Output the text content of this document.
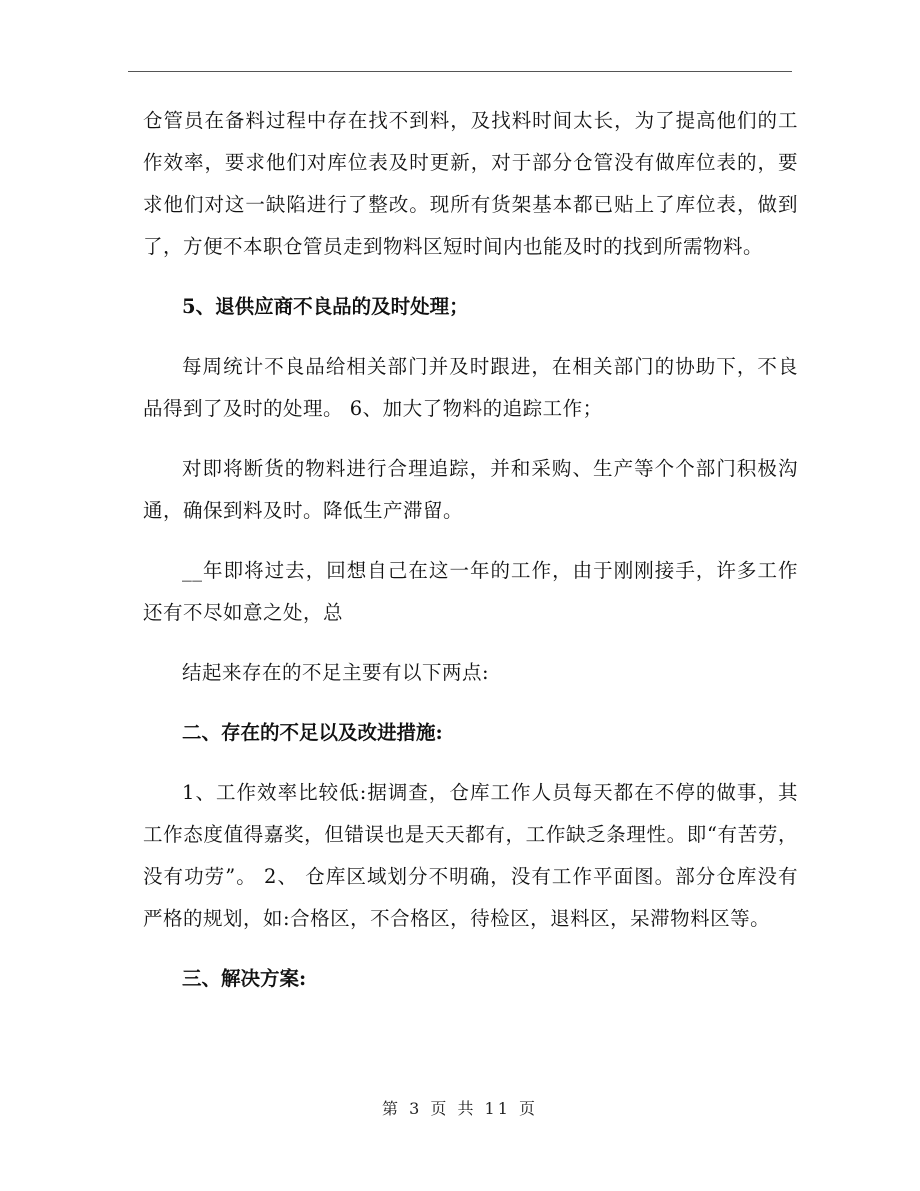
仓管员在备料过程中存在找不到料，及找料时间太长，为了提高他们的工作效率，要求他们对库位表及时更新，对于部分仓管没有做库位表的，要求他们对这一缺陷进行了整改。现所有货架基本都已贴上了库位表，做到了，方便不本职仓管员走到物料区短时间内也能及时的找到所需物料。

5、退供应商不良品的及时处理；

每周统计不良品给相关部门并及时跟进，在相关部门的协助下，不良品得到了及时的处理。 6、加大了物料的追踪工作；

对即将断货的物料进行合理追踪，并和采购、生产等个个部门积极沟通，确保到料及时。降低生产滞留。

__年即将过去，回想自己在这一年的工作，由于刚刚接手，许多工作还有不尽如意之处，总

结起来存在的不足主要有以下两点:

二、存在的不足以及改进措施:

1、工作效率比较低:据调查，仓库工作人员每天都在不停的做事，其工作态度值得嘉奖，但错误也是天天都有，工作缺乏条理性。即“有苦劳，没有功劳”。 2、 仓库区域划分不明确，没有工作平面图。部分仓库没有严格的规划，如:合格区，不合格区，待检区，退料区，呆滞物料区等。

三、解决方案:

第 3 页 共 11 页
